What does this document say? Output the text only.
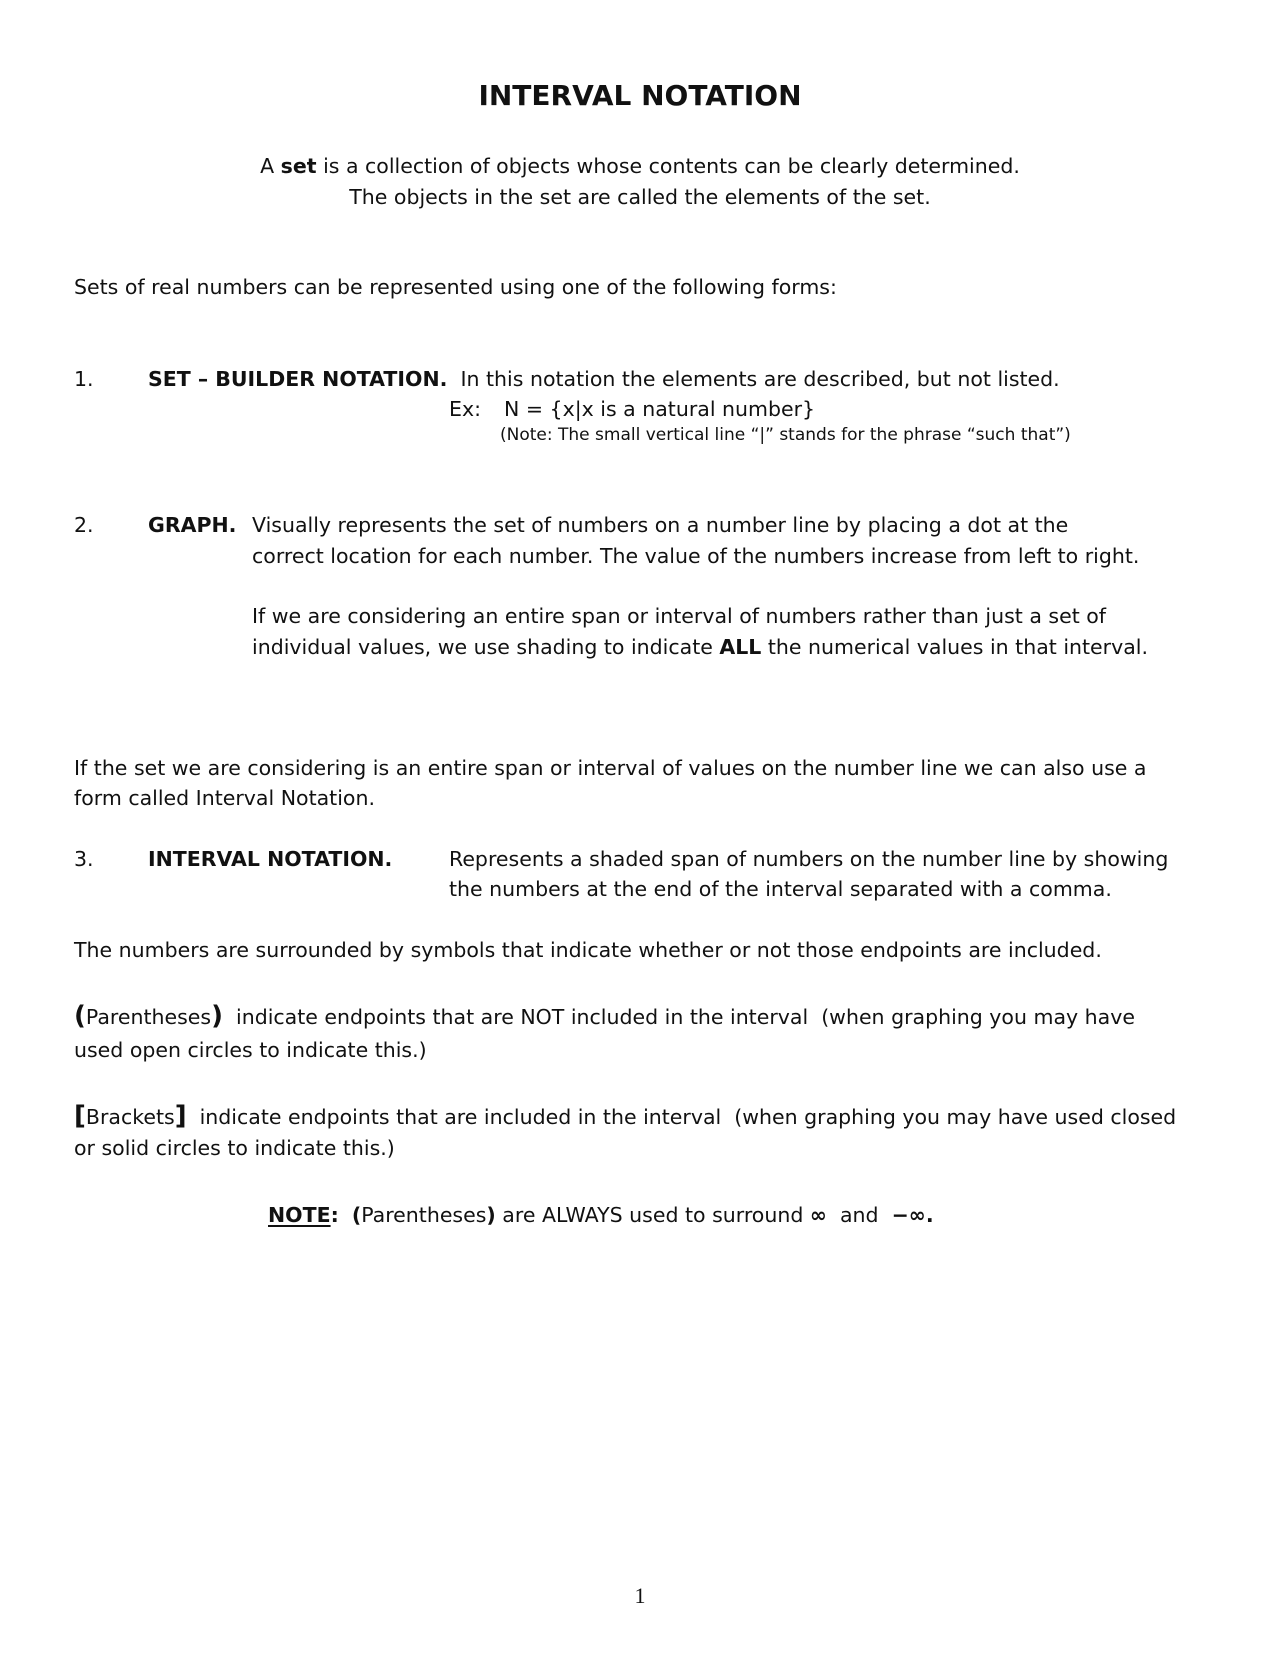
INTERVAL NOTATION
A set is a collection of objects whose contents can be clearly determined.
The objects in the set are called the elements of the set.
Sets of real numbers can be represented using one of the following forms:
1.	SET – BUILDER NOTATION. In this notation the elements are described, but not listed.
Ex: N = {x|x is a natural number}
(Note: The small vertical line “|” stands for the phrase “such that”)
2.	GRAPH. Visually represents the set of numbers on a number line by placing a dot at the
correct location for each number. The value of the numbers increase from left to right.
If we are considering an entire span or interval of numbers rather than just a set of
individual values, we use shading to indicate ALL the numerical values in that interval.
If the set we are considering is an entire span or interval of values on the number line we can also use a
form called Interval Notation.
3.	INTERVAL NOTATION.	Represents a shaded span of numbers on the number line by showing
the numbers at the end of the interval separated with a comma.
The numbers are surrounded by symbols that indicate whether or not those endpoints are included.
(Parentheses)  indicate endpoints that are NOT included in the interval  (when graphing you may have
used open circles to indicate this.)
[Brackets]  indicate endpoints that are included in the interval  (when graphing you may have used closed
or solid circles to indicate this.)
NOTE: (Parentheses) are ALWAYS used to surround ∞  and  −∞.
1
